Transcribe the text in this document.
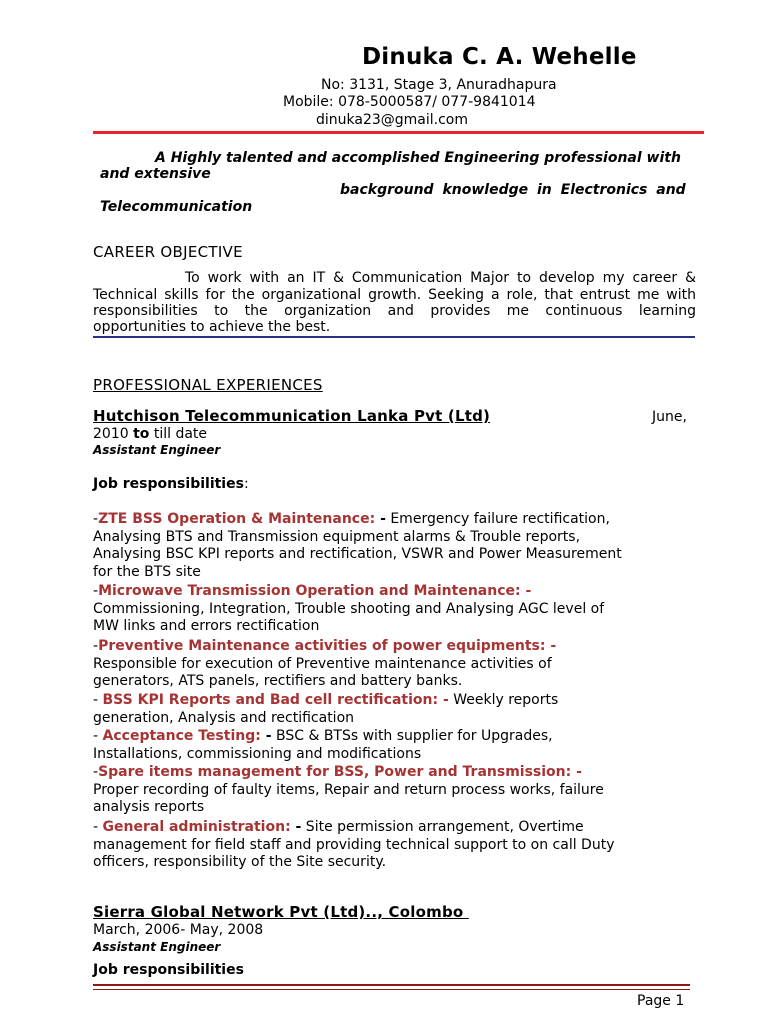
Dinuka C. A. Wehelle
No: 3131, Stage 3, Anuradhapura
Mobile: 078-5000587/ 077-9841014
dinuka23@gmail.com
A Highly talented and accomplished Engineering professional with
and extensive
background knowledge in Electronics and
Telecommunication
CAREER OBJECTIVE
To work with an IT & Communication Major to develop my career &
Technical skills for the organizational growth. Seeking a role, that entrust me with
responsibilities to the organization and provides me continuous learning
opportunities to achieve the best.
PROFESSIONAL EXPERIENCES
Hutchison Telecommunication Lanka Pvt (Ltd)	June,
2010 to till date
Assistant Engineer
Job responsibilities:
-ZTE BSS Operation & Maintenance: - Emergency failure rectification,
Analysing BTS and Transmission equipment alarms & Trouble reports,
Analysing BSC KPI reports and rectification, VSWR and Power Measurement
for the BTS site
-Microwave Transmission Operation and Maintenance: -
Commissioning, Integration, Trouble shooting and Analysing AGC level of
MW links and errors rectification
-Preventive Maintenance activities of power equipments: -
Responsible for execution of Preventive maintenance activities of
generators, ATS panels, rectifiers and battery banks.
- BSS KPI Reports and Bad cell rectification: - Weekly reports
generation, Analysis and rectification
- Acceptance Testing: - BSC & BTSs with supplier for Upgrades,
Installations, commissioning and modifications
-Spare items management for BSS, Power and Transmission: -
Proper recording of faulty items, Repair and return process works, failure
analysis reports
- General administration: - Site permission arrangement, Overtime
management for field staff and providing technical support to on call Duty
officers, responsibility of the Site security.
Sierra Global Network Pvt (Ltd).., Colombo
March, 2006- May, 2008
Assistant Engineer
Job responsibilities
Page 1
